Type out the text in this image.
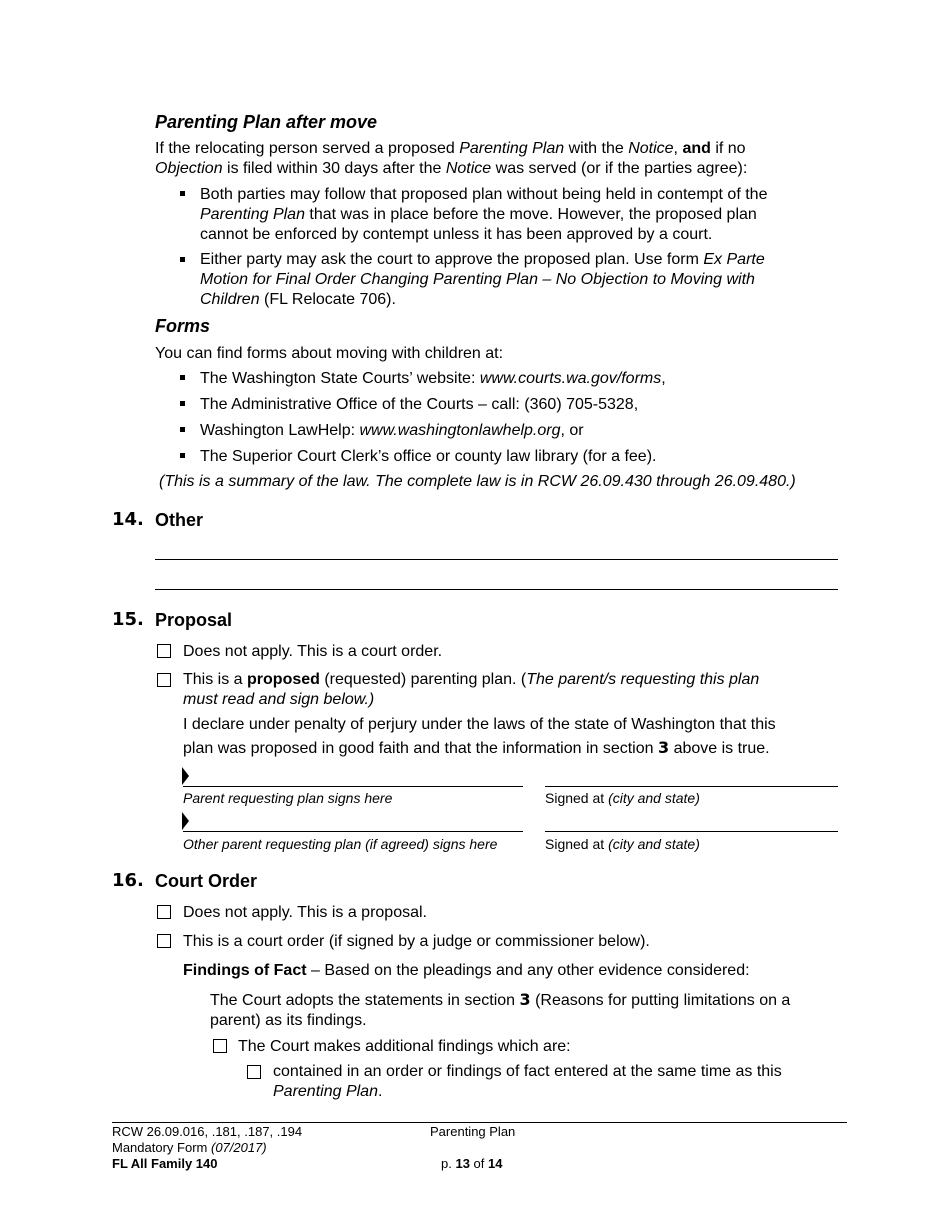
Parenting Plan after move
If the relocating person served a proposed Parenting Plan with the Notice, and if no
Objection is filed within 30 days after the Notice was served (or if the parties agree):
Both parties may follow that proposed plan without being held in contempt of the
Parenting Plan that was in place before the move. However, the proposed plan
cannot be enforced by contempt unless it has been approved by a court.
Either party may ask the court to approve the proposed plan. Use form Ex Parte
Motion for Final Order Changing Parenting Plan – No Objection to Moving with
Children (FL Relocate 706).
Forms
You can find forms about moving with children at:
The Washington State Courts’ website: www.courts.wa.gov/forms,
The Administrative Office of the Courts – call: (360) 705-5328,
Washington LawHelp: www.washingtonlawhelp.org, or
The Superior Court Clerk’s office or county law library (for a fee).
(This is a summary of the law. The complete law is in RCW 26.09.430 through 26.09.480.)
14. Other
15. Proposal
Does not apply. This is a court order.
This is a proposed (requested) parenting plan. (The parent/s requesting this plan
must read and sign below.)
I declare under penalty of perjury under the laws of the state of Washington that this
plan was proposed in good faith and that the information in section 3 above is true.
Parent requesting plan signs here	Signed at (city and state)
Other parent requesting plan (if agreed) signs here	Signed at (city and state)
16. Court Order
Does not apply. This is a proposal.
This is a court order (if signed by a judge or commissioner below).
Findings of Fact – Based on the pleadings and any other evidence considered:
The Court adopts the statements in section 3 (Reasons for putting limitations on a
parent) as its findings.
The Court makes additional findings which are:
contained in an order or findings of fact entered at the same time as this
Parenting Plan.
RCW 26.09.016, .181, .187, .194
Mandatory Form (07/2017)
FL All Family 140
Parenting Plan
p. 13 of 14
